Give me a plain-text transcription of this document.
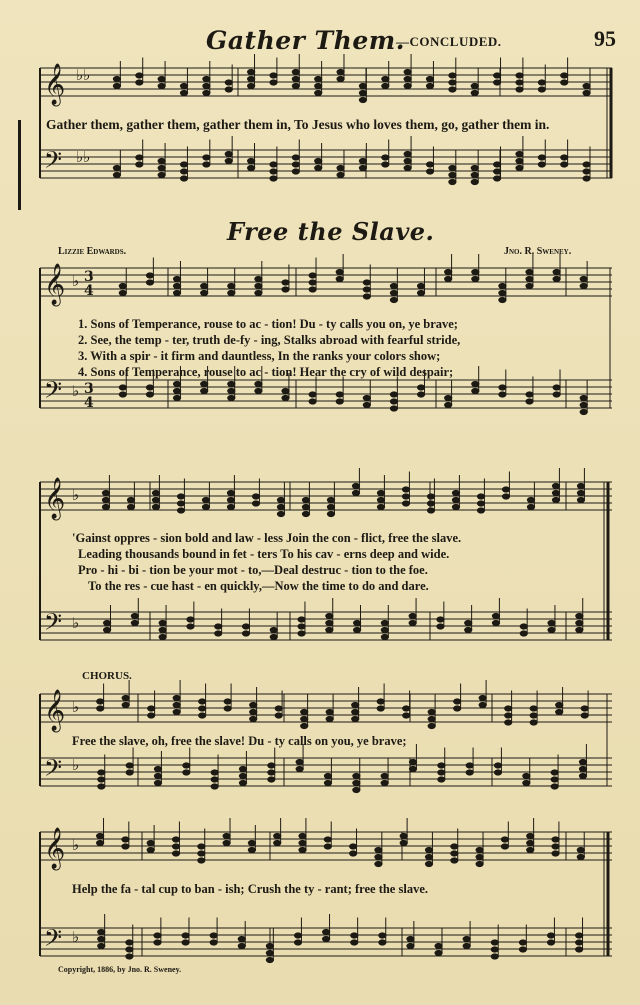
Gather Them.
—CONCLUDED.	95
𝄞
𝄢
𝄞
𝄢
𝄞
𝄢
𝄞
𝄢
𝄞
𝄢
♭♭
♭♭
♭
♭
♭
♭
♭
♭
♭
♭
3
4
3
4
Gather them, gather them, gather them in, To Jesus who loves them, go, gather them in.
Free the Slave.
Lizzie Edwards.	Jno. R. Sweney.
1. Sons of Temperance, rouse to ac - tion! Du - ty calls you on, ye brave;
2. See, the temp - ter, truth de-fy - ing, Stalks abroad with fearful stride,
3. With a spir - it firm and dauntless, In the ranks your colors show;
4. Sons of Temperance, rouse to ac - tion! Hear the cry of wild despair;
'Gainst oppres - sion bold and law - less Join the con - flict, free the slave.
Leading thousands bound in fet - ters To his cav - erns deep and wide.
Pro - hi - bi - tion be your mot - to,—Deal destruc - tion to the foe.
To the res - cue hast - en quickly,—Now the time to do and dare.
CHORUS.
Free the slave, oh, free the slave! Du - ty calls on you, ye brave;
Help the fa - tal cup to ban - ish; Crush the ty - rant; free the slave.
Copyright, 1886, by Jno. R. Sweney.
